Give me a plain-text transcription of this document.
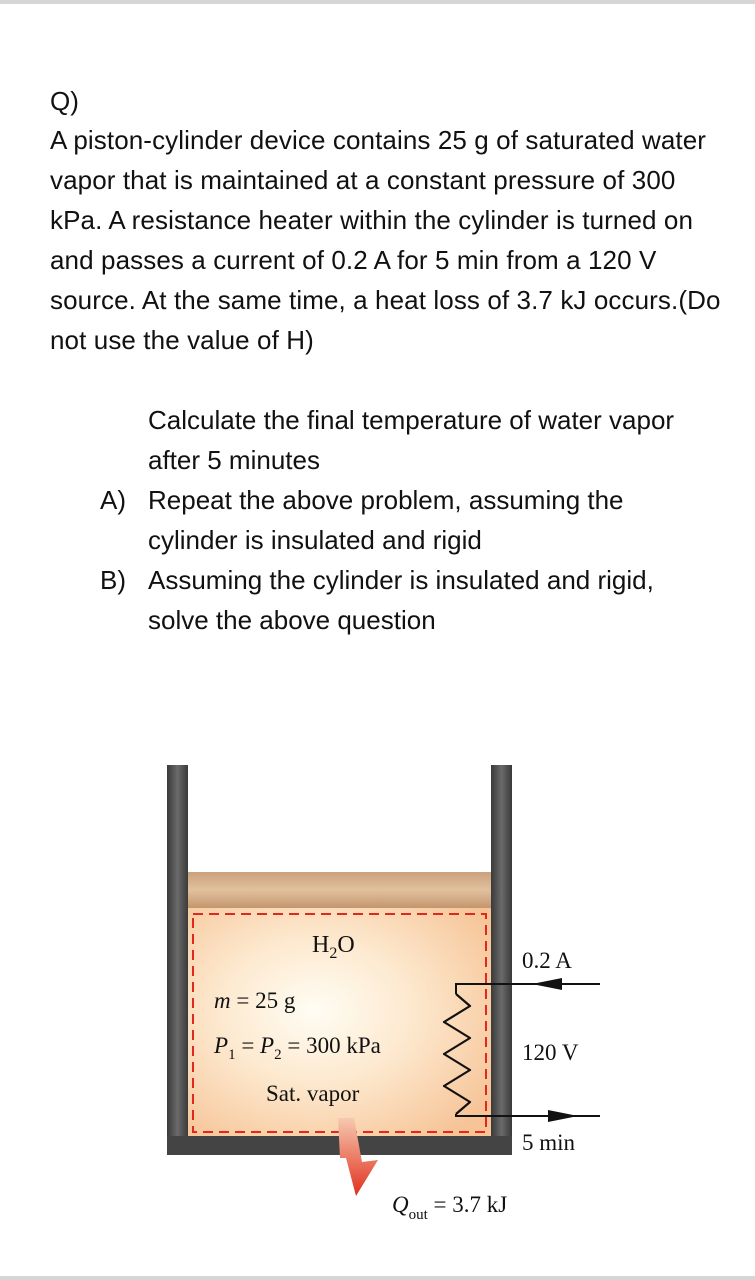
Q)
A piston-cylinder device contains 25 g of saturated water vapor that is maintained at a constant pressure of 300 kPa. A resistance heater within the cylinder is turned on and passes a current of 0.2 A for 5 min from a 120 V source. At the same time, a heat loss of 3.7 kJ occurs.(Do not use the value of H)
Calculate the final temperature of water vapor after 5 minutes
A) Repeat the above problem, assuming the cylinder is insulated and rigid
B) Assuming the cylinder is insulated and rigid, solve the above question
$H_2O$
m = 25 g
$P_1 = P_2 = 300$ kPa
Sat. vapor
0.2 A
120 V
5 min
$Q_{out} = 3.7$ kJ
